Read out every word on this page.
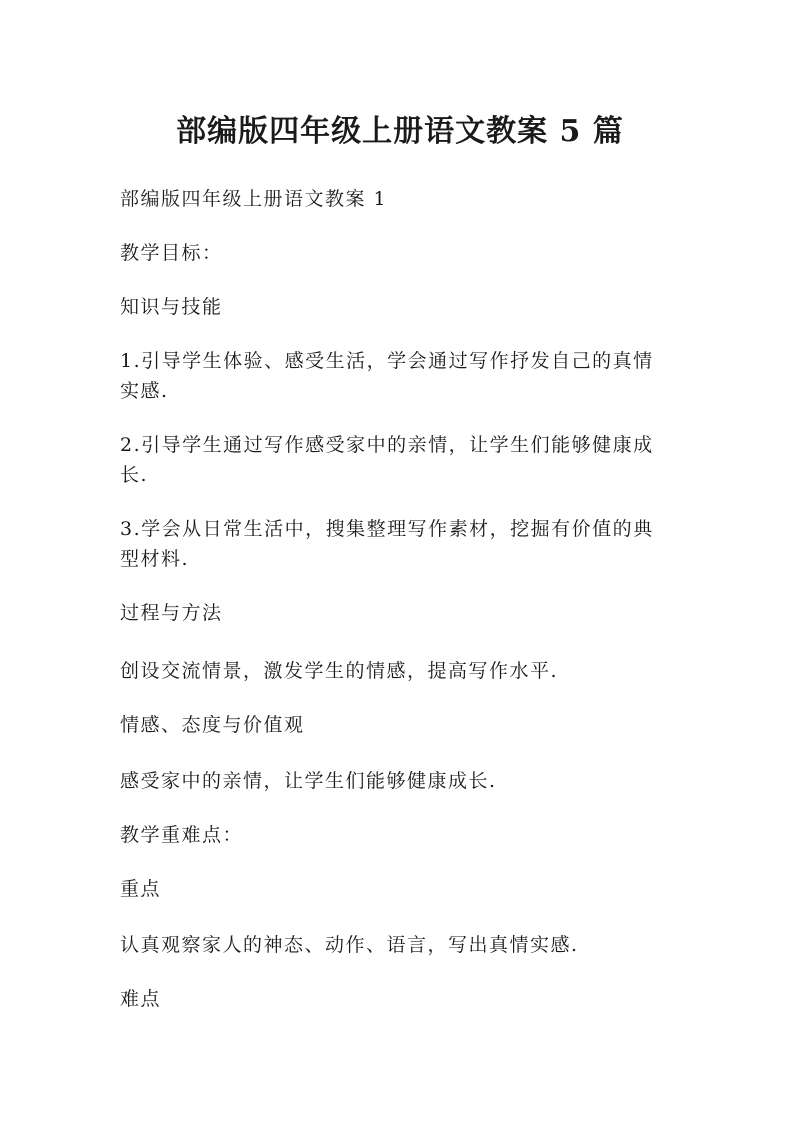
部编版四年级上册语文教案 5 篇

部编版四年级上册语文教案 1

教学目标：

知识与技能

1.引导学生体验、感受生活，学会通过写作抒发自己的真情实感.

2.引导学生通过写作感受家中的亲情，让学生们能够健康成长.

3.学会从日常生活中，搜集整理写作素材，挖掘有价值的典型材料.

过程与方法

创设交流情景，激发学生的情感，提高写作水平.

情感、态度与价值观

感受家中的亲情，让学生们能够健康成长.

教学重难点：

重点

认真观察家人的神态、动作、语言，写出真情实感.

难点
